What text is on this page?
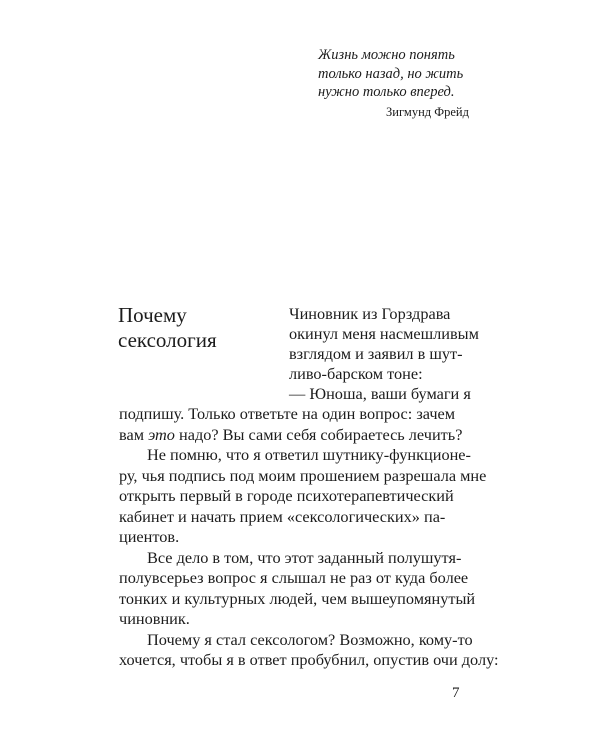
Жизнь можно понять
только назад, но жить
нужно только вперед.
Зигмунд Фрейд
Почему
сексология
Чиновник из Горздрава
окинул меня насмешливым
взглядом и заявил в шут-
ливо-барском тоне:
— Юноша, ваши бумаги я
подпишу. Только ответьте на один вопрос: зачем
вам это надо? Вы сами себя собираетесь лечить?
Не помню, что я ответил шутнику-функционе-
ру, чья подпись под моим прошением разрешала мне
открыть первый в городе психотерапевтический
кабинет и начать прием «сексологических» па-
циентов.
Все дело в том, что этот заданный полушутя-
полувсерьез вопрос я слышал не раз от куда более
тонких и культурных людей, чем вышеупомянутый
чиновник.
Почему я стал сексологом? Возможно, кому-то
хочется, чтобы я в ответ пробубнил, опустив очи долу:
7
